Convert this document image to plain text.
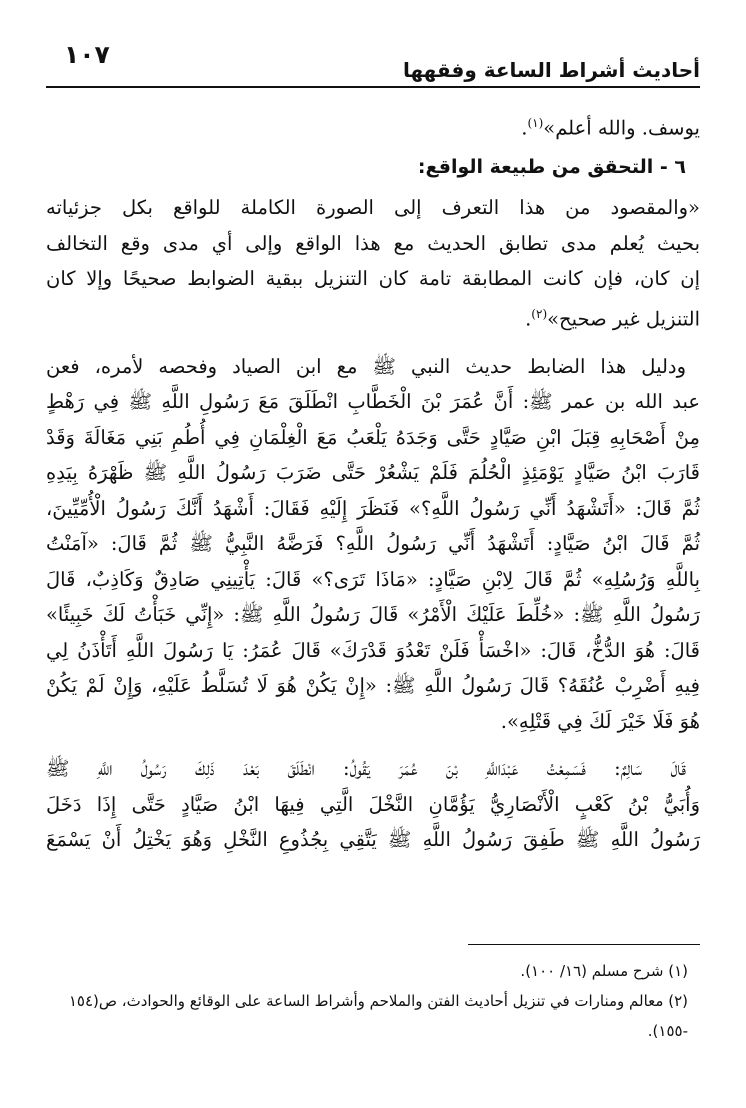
أحاديث أشراط الساعة وفقهها
١٠٧

يوسف. والله أعلم»$^{(١)}$.

٦ - التحقق من طبيعة الواقع:

«والمقصود من هذا التعرف إلى الصورة الكاملة للواقع بكل جزئياته

بحيث يُعلم مدى تطابق الحديث مع هذا الواقع وإلى أي مدى وقع التخالف

إن كان، فإن كانت المطابقة تامة كان التنزيل ببقية الضوابط صحيحًا وإلا كان

التنزيل غير صحيح»$^{(٢)}$.

ودليل هذا الضابط حديث النبي ﷺ مع ابن الصياد وفحصه لأمره، فعن

عبد الله بن عمر ﷺ: أَنَّ عُمَرَ بْنَ الْخَطَّابِ انْطَلَقَ مَعَ رَسُولِ اللَّهِ ﷺ فِي رَهْطٍ

مِنْ أَصْحَابِهِ قِبَلَ ابْنِ صَيَّادٍ حَتَّى وَجَدَهُ يَلْعَبُ مَعَ الْغِلْمَانِ فِي أُطُمِ بَنِي مَغَالَةَ وَقَدْ

قَارَبَ ابْنُ صَيَّادٍ يَوْمَئِذٍ الْحُلُمَ فَلَمْ يَشْعُرْ حَتَّى ضَرَبَ رَسُولُ اللَّهِ ﷺ ظَهْرَهُ بِيَدِهِ

ثُمَّ قَالَ: «أَتَشْهَدُ أَنِّي رَسُولُ اللَّهِ؟» فَنَظَرَ إِلَيْهِ فَقَالَ: أَشْهَدُ أَنَّكَ رَسُولُ الْأُمِّيِّينَ،

ثُمَّ قَالَ ابْنُ صَيَّادٍ: أَتَشْهَدُ أَنِّي رَسُولُ اللَّهِ؟ فَرَضَّهُ النَّبِيُّ ﷺ ثُمَّ قَالَ: «آمَنْتُ

بِاللَّهِ وَرُسُلِهِ» ثُمَّ قَالَ لِابْنِ صَيَّادٍ: «مَاذَا تَرَى؟» قَالَ: يَأْتِينِي صَادِقٌ وَكَاذِبٌ، قَالَ

رَسُولُ اللَّهِ ﷺ: «خُلِّطَ عَلَيْكَ الْأَمْرُ» قَالَ رَسُولُ اللَّهِ ﷺ: «إِنِّي خَبَأْتُ لَكَ خَبِيئًا»

قَالَ: هُوَ الدُّخُّ، قَالَ: «اخْسَأْ فَلَنْ تَعْدُوَ قَدْرَكَ» قَالَ عُمَرُ: يَا رَسُولَ اللَّهِ أَتَأْذَنُ لِي

فِيهِ أَضْرِبْ عُنُقَهُ؟ قَالَ رَسُولُ اللَّهِ ﷺ: «إِنْ يَكُنْ هُوَ لَا تُسَلَّطُ عَلَيْهِ، وَإِنْ لَمْ يَكُنْ

هُوَ فَلَا خَيْرَ لَكَ فِي قَتْلِهِ».

قَالَ سَالِمٌ: فَسَمِعْتُ عَبْدَاللَّهِ بْنَ عُمَرَ يَقُولُ: انْطَلَقَ بَعْدَ ذَلِكَ رَسُولُ اللَّهِ ﷺ

وَأُبَيُّ بْنُ كَعْبٍ الْأَنْصَارِيُّ يَؤُمَّانِ النَّخْلَ الَّتِي فِيهَا ابْنُ صَيَّادٍ حَتَّى إِذَا دَخَلَ

رَسُولُ اللَّهِ ﷺ طَفِقَ رَسُولُ اللَّهِ ﷺ يَتَّقِي بِجُذُوعِ النَّخْلِ وَهُوَ يَخْتِلُ أَنْ يَسْمَعَ

(١) شرح مسلم (١٦/ ١٠٠).

(٢) معالم ومنارات في تنزيل أحاديث الفتن والملاحم وأشراط الساعة على الوقائع والحوادث، ص(١٥٤

-١٥٥).
